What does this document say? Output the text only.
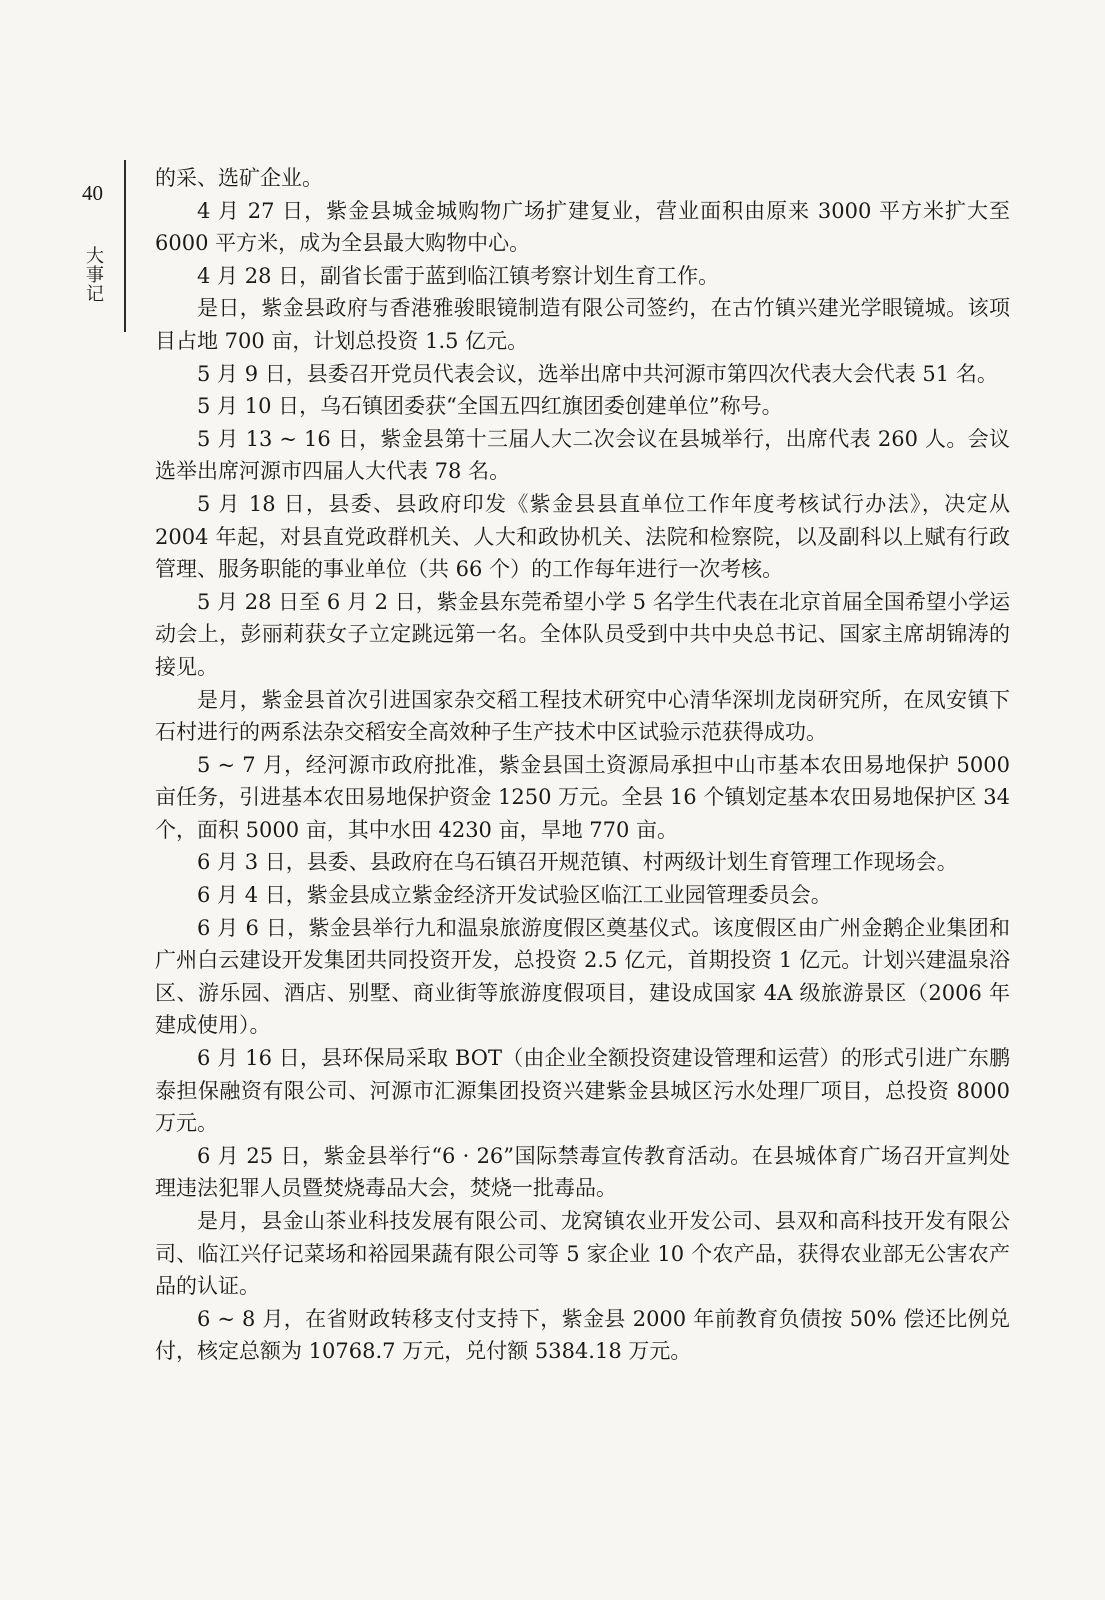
40
大事记

的采、选矿企业。

4 月 27 日，紫金县城金城购物广场扩建复业，营业面积由原来 3000 平方米扩大至 6000 平方米，成为全县最大购物中心。

4 月 28 日，副省长雷于蓝到临江镇考察计划生育工作。

是日，紫金县政府与香港雅骏眼镜制造有限公司签约，在古竹镇兴建光学眼镜城。该项目占地 700 亩，计划总投资 1.5 亿元。

5 月 9 日，县委召开党员代表会议，选举出席中共河源市第四次代表大会代表 51 名。

5 月 10 日，乌石镇团委获“全国五四红旗团委创建单位”称号。

5 月 13 ~ 16 日，紫金县第十三届人大二次会议在县城举行，出席代表 260 人。会议选举出席河源市四届人大代表 78 名。

5 月 18 日，县委、县政府印发《紫金县县直单位工作年度考核试行办法》，决定从 2004 年起，对县直党政群机关、人大和政协机关、法院和检察院，以及副科以上赋有行政管理、服务职能的事业单位（共 66 个）的工作每年进行一次考核。

5 月 28 日至 6 月 2 日，紫金县东莞希望小学 5 名学生代表在北京首届全国希望小学运动会上，彭丽莉获女子立定跳远第一名。全体队员受到中共中央总书记、国家主席胡锦涛的接见。

是月，紫金县首次引进国家杂交稻工程技术研究中心清华深圳龙岗研究所，在凤安镇下石村进行的两系法杂交稻安全高效种子生产技术中区试验示范获得成功。

5 ~ 7 月，经河源市政府批准，紫金县国土资源局承担中山市基本农田易地保护 5000 亩任务，引进基本农田易地保护资金 1250 万元。全县 16 个镇划定基本农田易地保护区 34 个，面积 5000 亩，其中水田 4230 亩，旱地 770 亩。

6 月 3 日，县委、县政府在乌石镇召开规范镇、村两级计划生育管理工作现场会。

6 月 4 日，紫金县成立紫金经济开发试验区临江工业园管理委员会。

6 月 6 日，紫金县举行九和温泉旅游度假区奠基仪式。该度假区由广州金鹅企业集团和广州白云建设开发集团共同投资开发，总投资 2.5 亿元，首期投资 1 亿元。计划兴建温泉浴区、游乐园、酒店、别墅、商业街等旅游度假项目，建设成国家 4A 级旅游景区（2006 年建成使用）。

6 月 16 日，县环保局采取 BOT（由企业全额投资建设管理和运营）的形式引进广东鹏泰担保融资有限公司、河源市汇源集团投资兴建紫金县城区污水处理厂项目，总投资 8000 万元。

6 月 25 日，紫金县举行“6 · 26”国际禁毒宣传教育活动。在县城体育广场召开宣判处理违法犯罪人员暨焚烧毒品大会，焚烧一批毒品。

是月，县金山茶业科技发展有限公司、龙窝镇农业开发公司、县双和高科技开发有限公司、临江兴仔记菜场和裕园果蔬有限公司等 5 家企业 10 个农产品，获得农业部无公害农产品的认证。

6 ~ 8 月，在省财政转移支付支持下，紫金县 2000 年前教育负债按 50% 偿还比例兑付，核定总额为 10768.7 万元，兑付额 5384.18 万元。
